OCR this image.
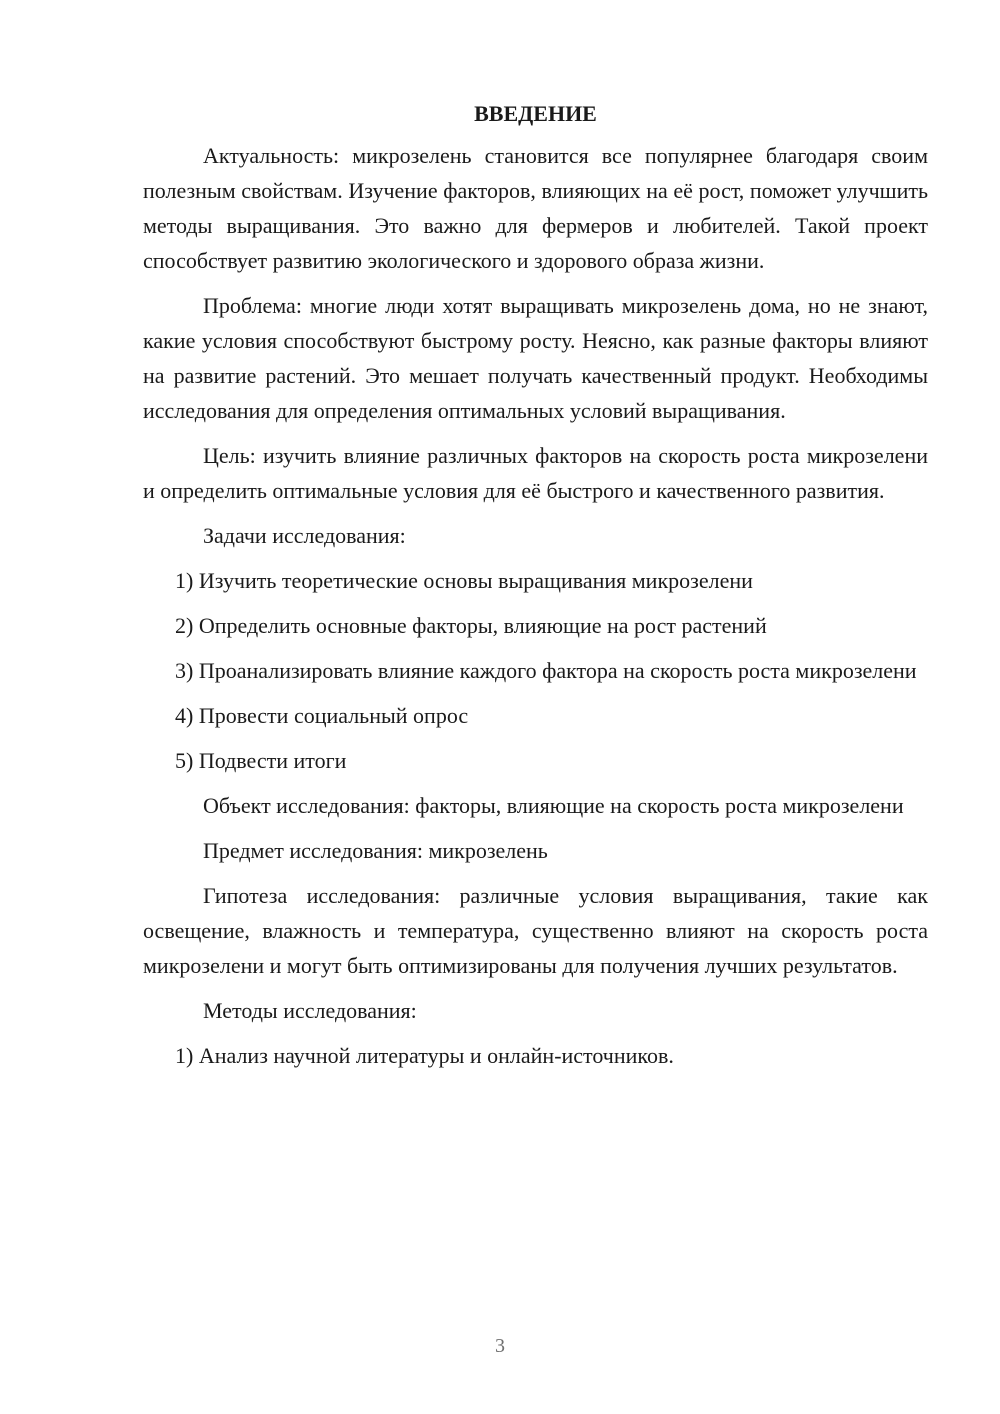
ВВЕДЕНИЕ

Актуальность: микрозелень становится все популярнее благодаря своим полезным свойствам. Изучение факторов, влияющих на её рост, поможет улучшить методы выращивания. Это важно для фермеров и любителей. Такой проект способствует развитию экологического и здорового образа жизни.

Проблема: многие люди хотят выращивать микрозелень дома, но не знают, какие условия способствуют быстрому росту. Неясно, как разные факторы влияют на развитие растений. Это мешает получать качественный продукт. Необходимы исследования для определения оптимальных условий выращивания.

Цель: изучить влияние различных факторов на скорость роста микрозелени и определить оптимальные условия для её быстрого и качественного развития.

Задачи исследования:

1) Изучить теоретические основы выращивания микрозелени

2) Определить основные факторы, влияющие на рост растений

3) Проанализировать влияние каждого фактора на скорость роста микрозелени

4) Провести социальный опрос

5) Подвести итоги

Объект исследования: факторы, влияющие на скорость роста микрозелени

Предмет исследования: микрозелень

Гипотеза исследования: различные условия выращивания, такие как освещение, влажность и температура, существенно влияют на скорость роста микрозелени и могут быть оптимизированы для получения лучших результатов.

Методы исследования:

1) Анализ научной литературы и онлайн-источников.

3
